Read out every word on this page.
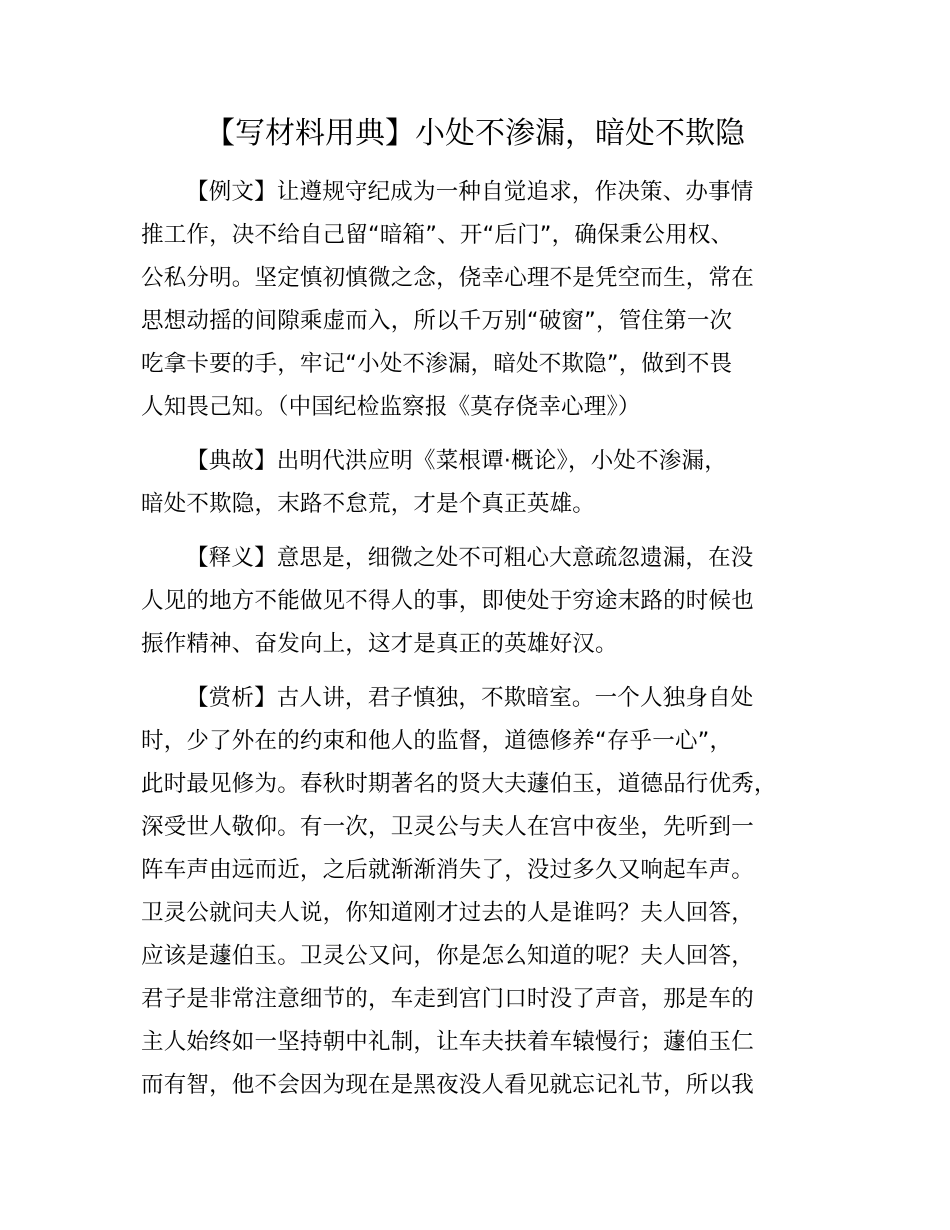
【写材料用典】小处不渗漏，暗处不欺隐
【例文】让遵规守纪成为一种自觉追求，作决策、办事情
推工作，决不给自己留“暗箱”、开“后门”，确保秉公用权、
公私分明。坚定慎初慎微之念，侥幸心理不是凭空而生，常在
思想动摇的间隙乘虚而入，所以千万别“破窗”，管住第一次
吃拿卡要的手，牢记“小处不渗漏，暗处不欺隐”，做到不畏
人知畏己知。（中国纪检监察报《莫存侥幸心理》）
【典故】出明代洪应明《菜根谭·概论》，小处不渗漏，
暗处不欺隐，末路不怠荒，才是个真正英雄。
【释义】意思是，细微之处不可粗心大意疏忽遗漏，在没
人见的地方不能做见不得人的事，即使处于穷途末路的时候也
振作精神、奋发向上，这才是真正的英雄好汉。
【赏析】古人讲，君子慎独，不欺暗室。一个人独身自处
时，少了外在的约束和他人的监督，道德修养“存乎一心”，
此时最见修为。春秋时期著名的贤大夫蘧伯玉，道德品行优秀，
深受世人敬仰。有一次，卫灵公与夫人在宫中夜坐，先听到一
阵车声由远而近，之后就渐渐消失了，没过多久又响起车声。
卫灵公就问夫人说，你知道刚才过去的人是谁吗？夫人回答，
应该是蘧伯玉。卫灵公又问，你是怎么知道的呢？夫人回答，
君子是非常注意细节的，车走到宫门口时没了声音，那是车的
主人始终如一坚持朝中礼制，让车夫扶着车辕慢行；蘧伯玉仁
而有智，他不会因为现在是黑夜没人看见就忘记礼节，所以我
